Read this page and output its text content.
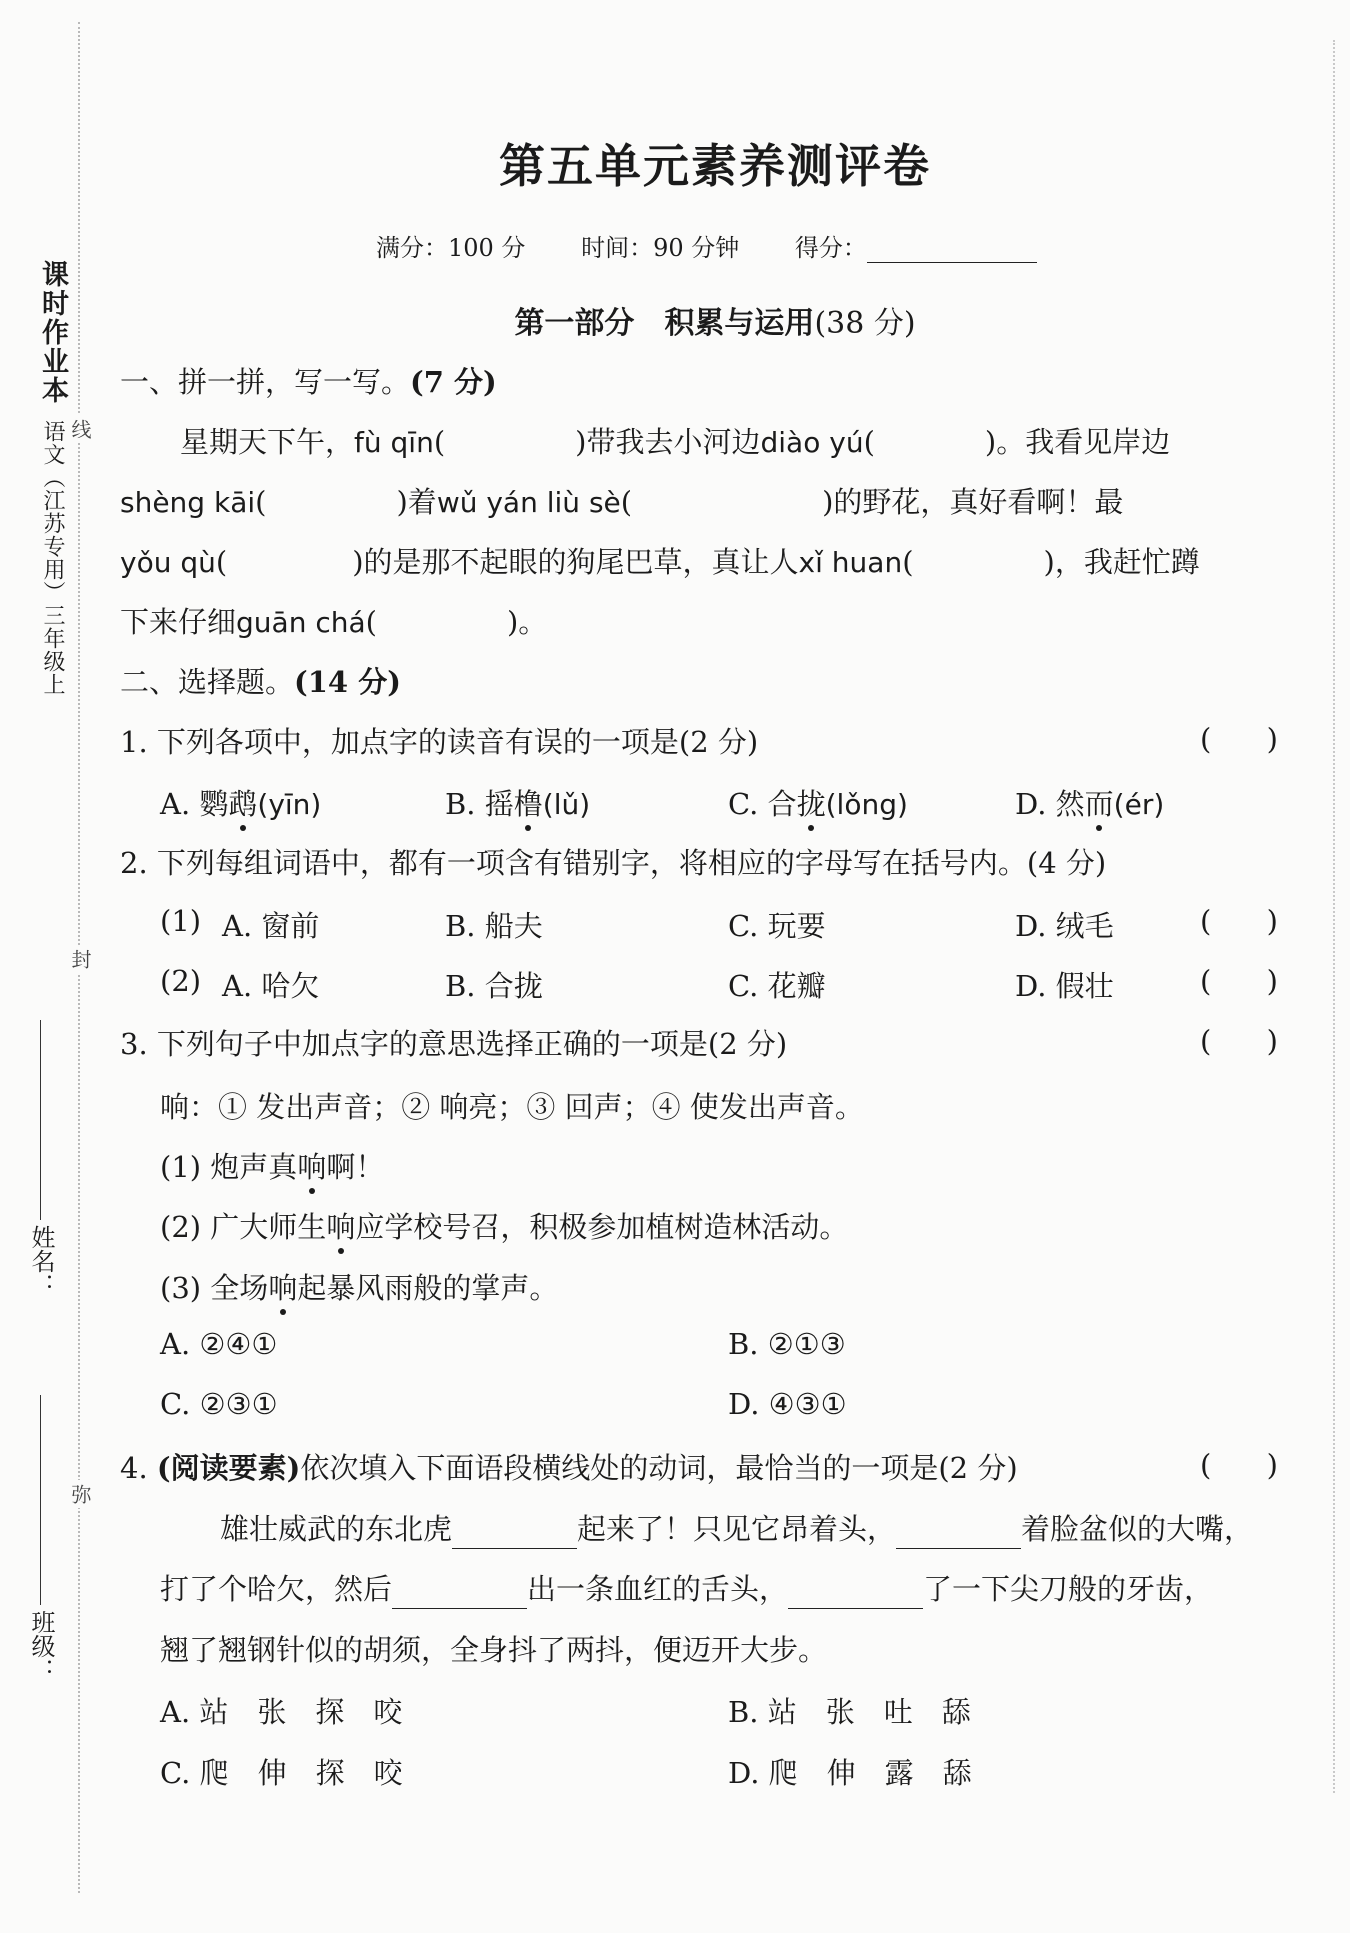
课时作业本 语文（江苏专用）三年级上 线
封
弥
姓名：
班级：
第五单元素养测评卷
满分：100 分 时间：90 分钟 得分：
第一部分　 积累与运用(38 分)
一、拼一拼，写一写。(7 分)
星期天下午，fù qīn(	)带我去小河边diào yú(	)。我看见岸边
shèng kāi(	)着wǔ yán liù sè(	)的野花，真好看啊！最
yǒu qù(	)的是那不起眼的狗尾巴草，真让人xǐ huan(	)，我赶忙蹲
下来仔细guān chá(	)。
二、选择题。(14 分)
1. 下列各项中，加点字的读音有误的一项是(2 分)	(      )
A. 鹦鹉(yīn)	B. 摇橹(lǔ)	C. 合拢(lǒng)	D. 然而(ér)
2. 下列每组词语中，都有一项含有错别字，将相应的字母写在括号内。(4 分)
(1) A. 窗前	B. 船夫	C. 玩要	D. 绒毛	(      )
(2) A. 哈欠	B. 合拢	C. 花瓣	D. 假壮	(      )
3. 下列句子中加点字的意思选择正确的一项是(2 分)	(      )
响：① 发出声音；② 响亮；③ 回声；④ 使发出声音。
(1) 炮声真响啊！
(2) 广大师生响应学校号召，积极参加植树造林活动。
(3) 全场响起暴风雨般的掌声。
A. ②④①	B. ②①③
C. ②③①	D. ④③①
4. (阅读要素)依次填入下面语段横线处的动词，最恰当的一项是(2 分)	(      )
雄壮威武的东北虎	起来了！只见它昂着头，	着脸盆似的大嘴，
打了个哈欠，然后	出一条血红的舌头，	了一下尖刀般的牙齿，
翘了翘钢针似的胡须，全身抖了两抖，便迈开大步。
A. 站　张　探　咬	B. 站　张　吐　舔
C. 爬　伸　探　咬	D. 爬　伸　露　舔
